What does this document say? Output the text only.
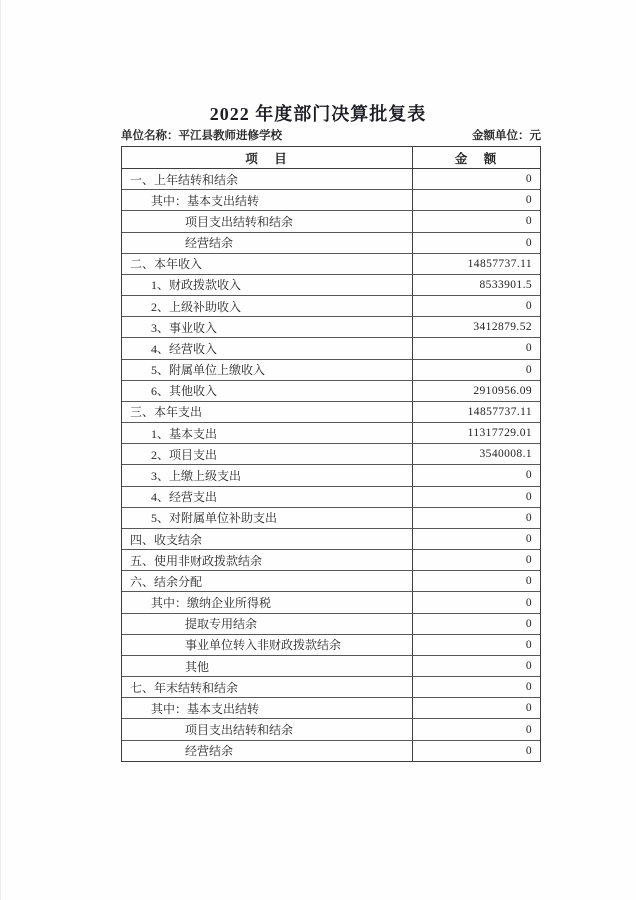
2022 年度部门决算批复表
单位名称：平江县教师进修学校	金额单位：元
项　目	金　额
一、上年结转和结余	0
其中：基本支出结转	0
项目支出结转和结余	0
经营结余	0
二、本年收入	14857737.11
1、财政拨款收入	8533901.5
2、上级补助收入	0
3、事业收入	3412879.52
4、经营收入	0
5、附属单位上缴收入	0
6、其他收入	2910956.09
三、本年支出	14857737.11
1、基本支出	11317729.01
2、项目支出	3540008.1
3、上缴上级支出	0
4、经营支出	0
5、对附属单位补助支出	0
四、收支结余	0
五、使用非财政拨款结余	0
六、结余分配	0
其中：缴纳企业所得税	0
提取专用结余	0
事业单位转入非财政拨款结余	0
其他	0
七、年末结转和结余	0
其中：基本支出结转	0
项目支出结转和结余	0
经营结余	0
